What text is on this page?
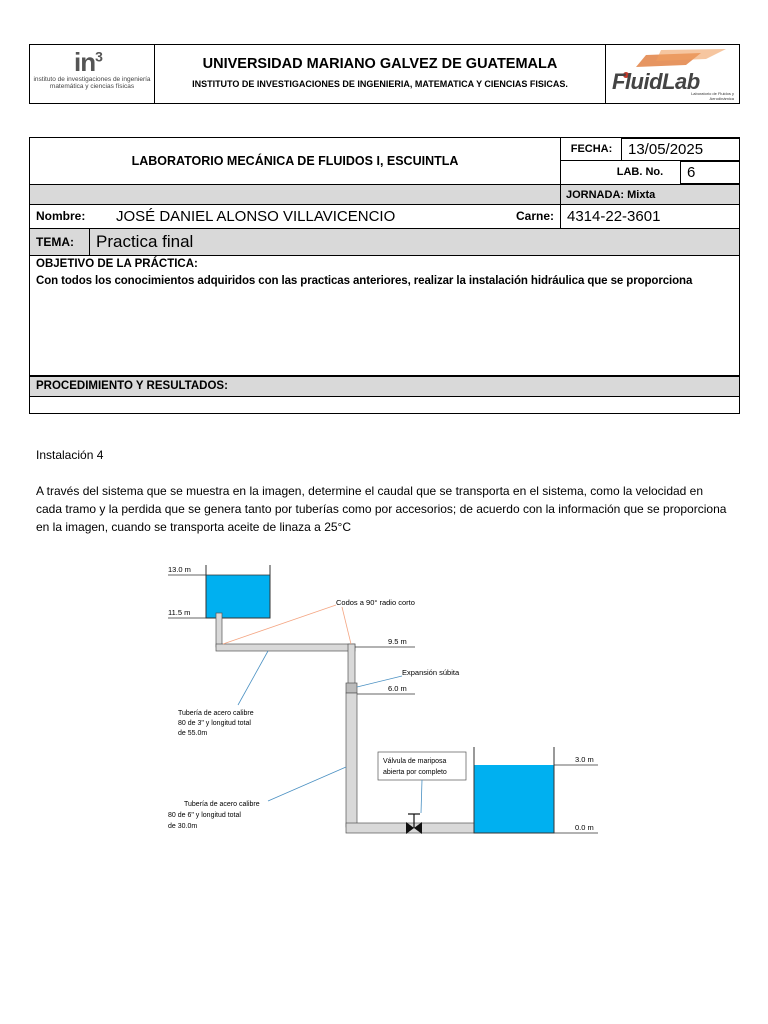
$in^3$
instituto de investigaciones de ingeniería matemática y ciencias físicas
UNIVERSIDAD MARIANO GALVEZ DE GUATEMALA
INSTITUTO DE INVESTIGACIONES DE INGENIERIA, MATEMATICA Y CIENCIAS FISICAS.	FluidLab
Laboratorio de Fluidos y Aerodinámica
LABORATORIO MECÁNICA DE FLUIDOS I, ESCUINTLA
FECHA:	13/05/2025
LAB. No.	6
JORNADA:
Mixta
Nombre: JOSÉ DANIEL ALONSO VILLAVICENCIO	Carne: 4314-22-3601
TEMA: Practica final
OBJETIVO DE LA PRÁCTICA:
Con todos los conocimientos adquiridos con las practicas anteriores, realizar la instalación hidráulica que se proporciona
PROCEDIMIENTO Y RESULTADOS:
Instalación 4
A través del sistema que se muestra en la imagen, determine el caudal que se transporta en el sistema, como la velocidad en cada tramo y la perdida que se genera tanto por tuberías como por accesorios; de acuerdo con la información que se proporciona en la imagen, cuando se transporta aceite de linaza a 25°C
13.0 m
11.5 m
9.5 m
6.0 m
3.0 m
0.0 m
Codos a 90° radio corto
Expansión súbita
Tubería de acero calibre
80 de 3" y longitud total
de 55.0m
Tubería de acero calibre
80 de 6" y longitud total
de 30.0m
Válvula de mariposa
abierta por completo
